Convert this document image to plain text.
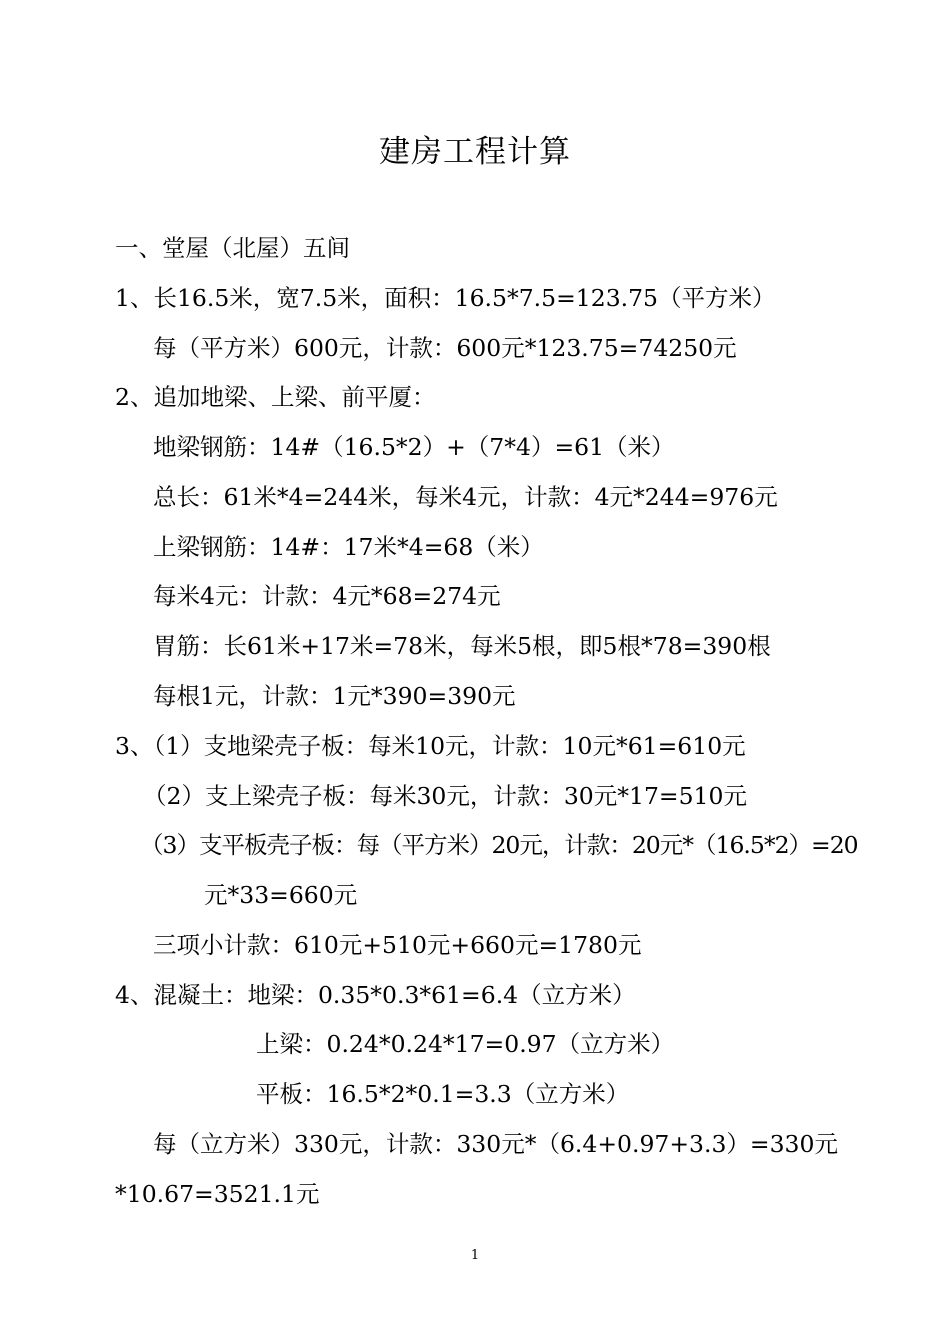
建房工程计算
一、堂屋（北屋）五间
1、长16.5米，宽7.5米，面积：16.5*7.5=123.75（平方米）
每（平方米）600元，计款：600元*123.75=74250元
2、追加地梁、上梁、前平厦：
地梁钢筋：14#（16.5*2）+（7*4）=61（米）
总长：61米*4=244米，每米4元，计款：4元*244=976元
上梁钢筋：14#：17米*4=68（米）
每米4元：计款：4元*68=274元
胃筋：长61米+17米=78米，每米5根，即5根*78=390根
每根1元，计款：1元*390=390元
3、（1）支地梁壳子板：每米10元，计款：10元*61=610元
（2）支上梁壳子板：每米30元，计款：30元*17=510元
（3）支平板壳子板：每（平方米）20元，计款：20元*（16.5*2）=20
元*33=660元
三项小计款：610元+510元+660元=1780元
4、混凝土：地梁：0.35*0.3*61=6.4（立方米）
上梁：0.24*0.24*17=0.97（立方米）
平板：16.5*2*0.1=3.3（立方米）
每（立方米）330元，计款：330元*（6.4+0.97+3.3）=330元
*10.67=3521.1元
1
